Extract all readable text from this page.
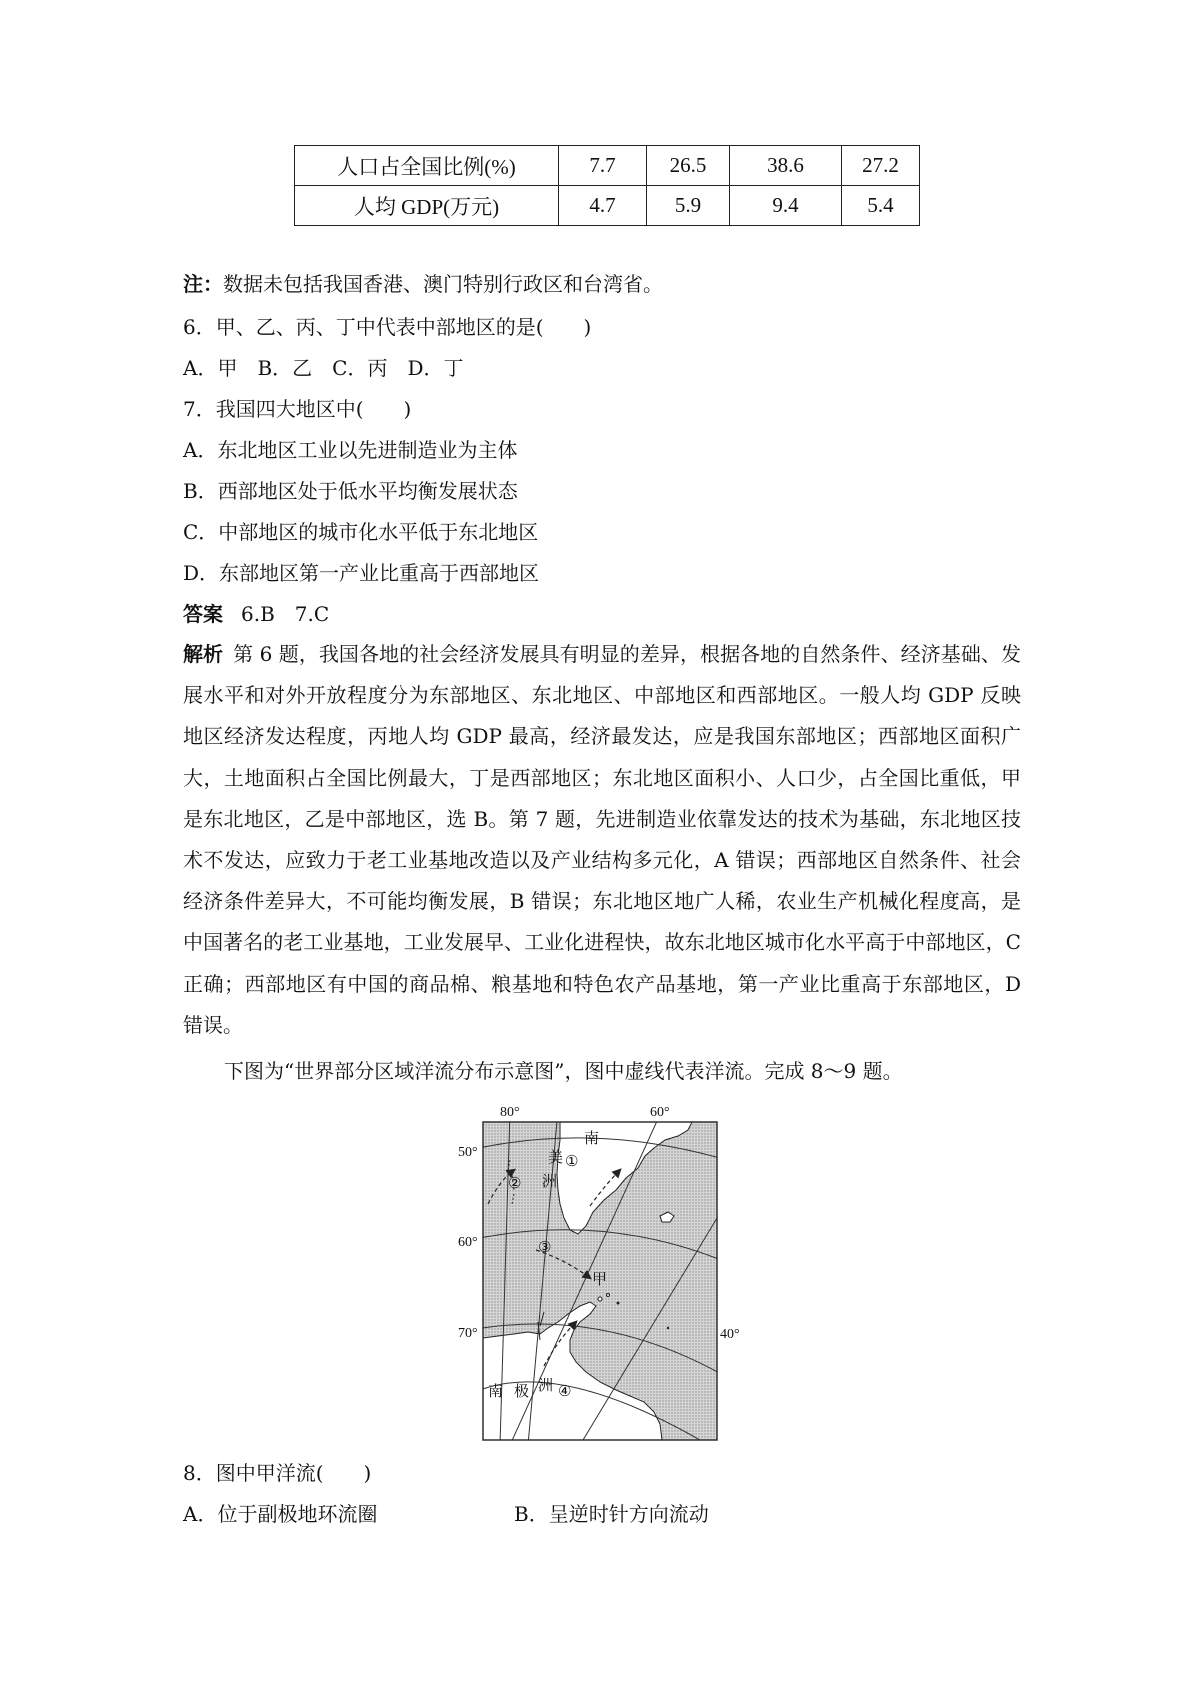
人口占全国比例(%)	7.7	26.5	38.6	27.2
人均 GDP(万元)	4.7	5.9	9.4	5.4
注：数据未包括我国香港、澳门特别行政区和台湾省。
6．甲、乙、丙、丁中代表中部地区的是(　　)
A．甲　B．乙　C．丙　D．丁
7．我国四大地区中(　　)
A．东北地区工业以先进制造业为主体
B．西部地区处于低水平均衡发展状态
C．中部地区的城市化水平低于东北地区
D．东部地区第一产业比重高于西部地区
答案 6.B　7.C
解析 第 6 题，我国各地的社会经济发展具有明显的差异，根据各地的自然条件、经济基础、发展水平和对外开放程度分为东部地区、东北地区、中部地区和西部地区。一般人均 GDP 反映地区经济发达程度，丙地人均 GDP 最高，经济最发达，应是我国东部地区；西部地区面积广大，土地面积占全国比例最大，丁是西部地区；东北地区面积小、人口少，占全国比重低，甲是东北地区，乙是中部地区，选 B。第 7 题，先进制造业依靠发达的技术为基础，东北地区技术不发达，应致力于老工业基地改造以及产业结构多元化，A 错误；西部地区自然条件、社会经济条件差异大，不可能均衡发展，B 错误；东北地区地广人稀，农业生产机械化程度高，是中国著名的老工业基地，工业发展早、工业化进程快，故东北地区城市化水平高于中部地区，C 正确；西部地区有中国的商品棉、粮基地和特色农产品基地，第一产业比重高于东部地区，D 错误。
下图为“世界部分区域洋流分布示意图”，图中虚线代表洋流。完成 8～9 题。
80°	60°
40°
50°
60°
70°
南
美
洲
甲
南 极 洲
①
②
③
④
8．图中甲洋流(　　)
A．位于副极地环流圈	B．呈逆时针方向流动
